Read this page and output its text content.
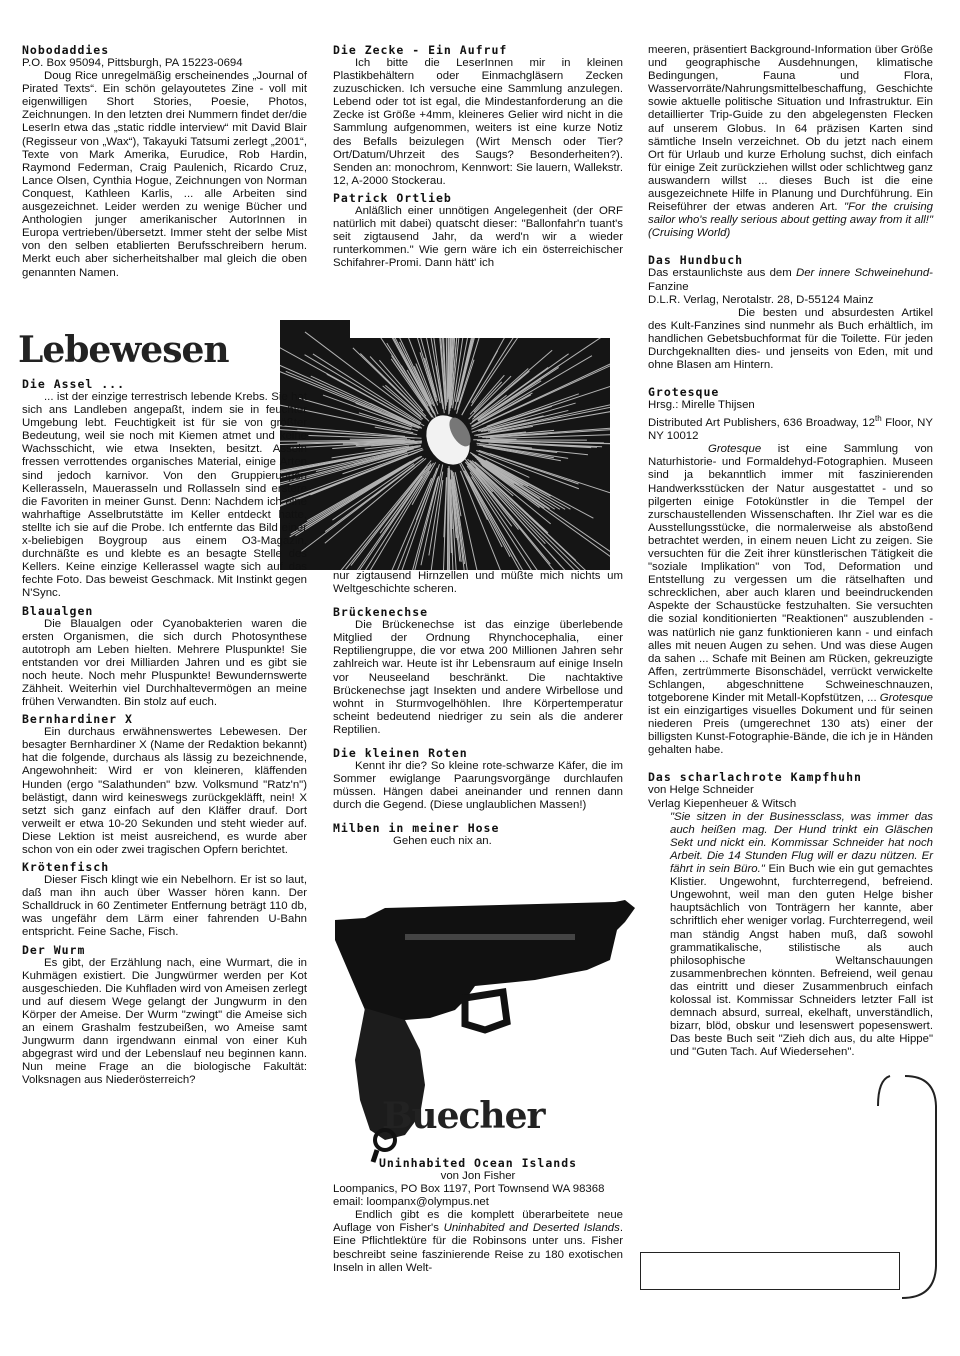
Nobodaddies
P.O. Box 95094, Pittsburgh, PA 15223-0694

Doug Rice unregelmäßig erscheinendes „Journal of Pirated Texts“. Ein schön gelayoutetes Zine - voll mit eigenwilligen Short Stories, Poesie, Photos, Zeichnungen. In den letzten drei Nummern findet der/die LeserIn etwa das „static riddle interview“ mit David Blair (Regisseur von „Wax“), Takayuki Tatsumi zerlegt „2001“, Texte von Mark Amerika, Eurudice, Rob Hardin, Raymond Federman, Craig Paulenich, Ricardo Cruz, Lance Olsen, Cynthia Hogue, Zeichnungen von Norman Conquest, Kathleen Karlis, ... alle Arbeiten sind ausgezeichnet. Leider werden zu wenige Bücher und Anthologien junger amerikanischer AutorInnen in Europa vertrieben/übersetzt. Immer steht der selbe Mist von den selben etablierten Berufsschreibern herum. Merkt euch aber sicherheitshalber mal gleich die oben genannten Namen.

Lebewesen
Die Assel ...

... ist der einzige terrestrisch lebende Krebs. Sie hat sich ans Landleben angepaßt, indem sie in feuchter Umgebung lebt. Feuchtigkeit ist für sie von größter Bedeutung, weil sie noch mit Kiemen atmet und keine Wachsschicht, wie etwa Insekten, besitzt. Asseln fressen verrottendes organisches Material, einige Arten sind jedoch karnivor. Von den Gruppierungen Kellerasseln, Mauerasseln und Rollasseln sind erstere die Favoriten in meiner Gunst. Denn: Nachdem ich eine wahrhaftige Asselbrutstätte im Keller entdeckt hatte, stellte ich sie auf die Probe. Ich entfernte das Bild einer x-beliebigen Boygroup aus einem O3-Magazin, durchnäßte es und klebte es an besagte Stelle des Kellers. Keine einzige Kellerassel wagte sich auf das fechte Foto. Das beweist Geschmack. Mit Instinkt gegen N'Sync.

Blaualgen

Die Blaualgen oder Cyanobakterien waren die ersten Organismen, die sich durch Photosynthese autotroph am Leben hielten. Mehrere Pluspunkte! Sie entstanden vor drei Milliarden Jahren und es gibt sie noch heute. Noch mehr Pluspunkte! Bewundernswerte Zähheit. Weiterhin viel Durchhaltevermögen an meine frühen Verwandten. Bin stolz auf euch.

Bernhardiner X

Ein durchaus erwähnenswertes Lebewesen. Der besagter Bernhardiner X (Name der Redaktion bekannt) hat die folgende, durchaus als lässig zu bezeichnende, Angewohnheit: Wird er von kleineren, kläffenden Hunden (ergo "Salathunden" bzw. Volksmund "Ratz'n") belästigt, dann wird keineswegs zurückgekläfft, nein! X setzt sich ganz einfach auf den Kläffer drauf. Dort verweilt er etwa 10-20 Sekunden und steht wieder auf. Diese Lektion ist meist ausreichend, es wurde aber schon von ein oder zwei tragischen Opfern berichtet.

Krötenfisch

Dieser Fisch klingt wie ein Nebelhorn. Er ist so laut, daß man ihn auch über Wasser hören kann. Der Schalldruck in 60 Zentimeter Entfernung beträgt 110 db, was ungefähr dem Lärm einer fahrenden U-Bahn entspricht. Feine Sache, Fisch.

Der Wurm

Es gibt, der Erzählung nach, eine Wurmart, die in Kuhmägen existiert. Die Jungwürmer werden per Kot ausgeschieden. Die Kuhfladen wird von Ameisen zerlegt und auf diesem Wege gelangt der Jungwurm in den Körper der Ameise. Der Wurm "zwingt" die Ameise sich an einem Grashalm festzubeißen, wo Ameise samt Jungwurm dann irgendwann einmal von einer Kuh abgegrast wird und der Lebenslauf neu beginnen kann. Nun meine Frage an die biologische Fakultät: Volksnagen aus Niederösterreich?

Die Zecke - Ein Aufruf

Ich bitte die LeserInnen mir in kleinen Plastikbehältern oder Einmachgläsern Zecken zuzuschicken. Ich versuche eine Sammlung anzulegen. Lebend oder tot ist egal, die Mindestanforderung an die Zecke ist Größe +4mm, kleineres Gelier wird nicht in die Sammlung aufgenommen, weiters ist eine kurze Notiz des Befalls beizulegen (Wirt Mensch oder Tier? Ort/Datum/Uhrzeit des Saugs? Besonderheiten?). Senden an: monochrom, Kennwort: Sie lauern, Wallekstr. 12, A-2000 Stockerau.

Patrick Ortlieb

Anläßlich einer unnötigen Angelegenheit (der ORF natürlich mit dabei) quatscht dieser: "Ballonfahr'n tuant's seit zigtausend Jahr, da werd'n wir a wieder runterkommen." Wie gern wäre ich ein österreichischer Schifahrer-Promi. Dann hätt' ich

nur zigtausend Hirnzellen und müßte mich nichts um Weltgeschichte scheren.

Brückenechse

Die Brückenechse ist das einzige überlebende Mitglied der Ordnung Rhynchocephalia, einer Reptiliengruppe, die vor etwa 200 Millionen Jahren sehr zahlreich war. Heute ist ihr Lebensraum auf einige Inseln vor Neuseeland beschränkt. Die nachtaktive Brückenechse jagt Insekten und andere Wirbellose und wohnt in Sturmvogelhöhlen. Ihre Körpertemperatur scheint bedeutend niedriger zu sein als die anderer Reptilien.

Die kleinen Roten

Kennt ihr die? So kleine rote-schwarze Käfer, die im Sommer ewiglange Paarungsvorgänge durchlaufen müssen. Hängen dabei aneinander und rennen dann durch die Gegend. (Diese unglaublichen Massen!)

Milben in meiner Hose

Gehen euch nix an.

Buecher
Uninhabited Ocean Islands
von Jon Fisher
Loompanics, PO Box 1197, Port Townsend WA 98368
email: loompanx@olympus.net

Endlich gibt es die komplett überarbeitete neue Auflage von Fisher's Uninhabited and Deserted Islands. Eine Pflichtlektüre für die Robinsons unter uns. Fisher beschreibt seine faszinierende Reise zu 180 exotischen Inseln in allen Welt-

meeren, präsentiert Background-Information über Größe und geographische Ausdehnungen, klimatische Bedingungen, Fauna und Flora, Wasservorräte/Nahrungsmittelbeschaffung, Geschichte sowie aktuelle politische Situation und Infrastruktur. Ein detaillierter Trip-Guide zu den abgelegensten Flecken auf unserem Globus. In 64 präzisen Karten sind sämtliche Inseln verzeichnet. Ob du jetzt nach einem Ort für Urlaub und kurze Erholung suchst, dich einfach für einige Zeit zurückziehen willst oder schlichtweg ganz auswandern willst ... dieses Buch ist die eine ausgezeichnete Hilfe in Planung und Durchführung. Ein Reiseführer der etwas anderen Art. "For the cruising sailor who's really serious about getting away from it all!" (Cruising World)

Das Hundbuch

Das erstaunlichste aus dem Der innere Schweinehund-Fanzine

D.L.R. Verlag, Nerotalstr. 28, D-55124 Mainz

Die besten und absurdesten Artikel des Kult-Fanzines sind nunmehr als Buch erhältlich, im handlichen Gebetsbuchformat für die Toilette. Für jeden Durchgeknallten dies- und jenseits von Eden, mit und ohne Blasen am Hintern.

Grotesque
Hrsg.: Mirelle Thijsen
Distributed Art Publishers, 636 Broadway, 12th Floor, NY NY 10012

Grotesque ist eine Sammlung von Naturhistorie- und Formaldehyd-Fotographien. Museen sind ja bekanntlich immer mit faszinierenden Handwerksstücken der Natur ausgestattet - und so pilgerten einige Fotokünstler in die Tempel der zurschaustellenden Wissenschaften. Ihr Ziel war es die Ausstellungsstücke, die normalerweise als abstoßend betrachtet werden, in einem neuen Licht zu zeigen. Sie versuchten für die Zeit ihrer künstlerischen Tätigkeit die "soziale Implikation" von Tod, Deformation und Entstellung zu vergessen um die rätselhaften und schrecklichen, aber auch klaren und beeindruckenden Aspekte der Schaustücke festzuhalten. Sie versuchten die sozial konditionierten "Reaktionen" auszublenden - was natürlich nie ganz funktionieren kann - und einfach alles mit neuen Augen zu sehen. Und was diese Augen da sahen ... Schafe mit Beinen am Rücken, gekreuzigte Affen, zertrümmerte Bisonschädel, verrückt verwickelte Schlangen, abgeschnittene Schweineschnauzen, totgeborene Kinder mit Metall-Kopfstützen, ... Grotesque ist ein einzigartiges visuelles Dokument und für seinen niederen Preis (umgerechnet 130 ats) einer der billigsten Kunst-Fotographie-Bände, die ich je in Händen gehalten habe.

Das scharlachrote Kampfhuhn
von Helge Schneider
Verlag Kiepenheuer & Witsch

"Sie sitzen in der Businessclass, was immer das auch heißen mag. Der Hund trinkt ein Gläschen Sekt und nickt ein. Kommissar Schneider hat noch Arbeit. Die 14 Stunden Flug will er dazu nützen. Er fährt in sein Büro." Ein Buch wie ein gut gemachtes Klistier. Ungewohnt, furchterregend, befreiend. Ungewohnt, weil man den guten Helge bisher hauptsächlich von Tonträgern her kannte, aber schriftlich eher weniger vorlag. Furchterregend, weil man ständig Angst haben muß, daß sowohl grammatikalische, stilistische als auch philosophische Weltanschauungen zusammenbrechen könnten. Befreiend, weil genau das eintritt und dieser Zusammenbruch einfach kolossal ist. Kommissar Schneiders letzter Fall ist demnach absurd, surreal, ekelhaft, unverständlich, bizarr, blöd, obskur und lesenswert popesenswert. Das beste Buch seit "Zieh dich aus, du alte Hippe" und "Guten Tach. Auf Wiedersehen".
